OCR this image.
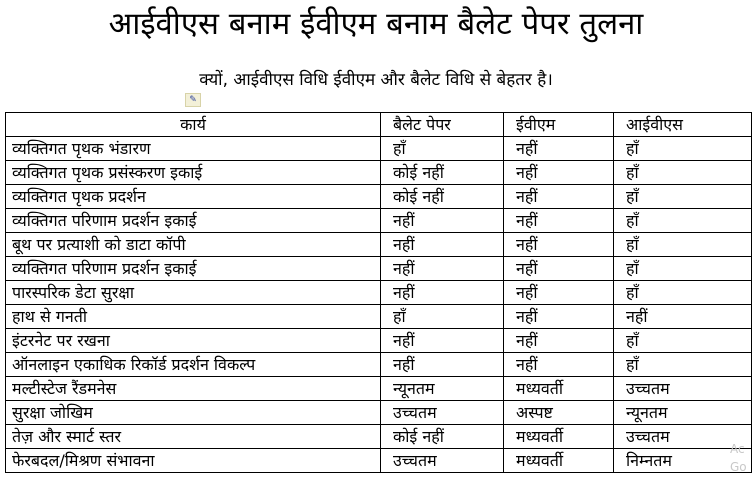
आईवीएस बनाम ईवीएम बनाम बैलेट पेपर तुलना
क्यों, आईवीएस विधि ईवीएम और बैलेट विधि से बेहतर है।
✎
कार्य	बैलेट पेपर	ईवीएम	आईवीएस
व्यक्तिगत पृथक भंडारण	हाँ	नहीं	हाँ
व्यक्तिगत पृथक प्रसंस्करण इकाई	कोई नहीं	नहीं	हाँ
व्यक्तिगत पृथक प्रदर्शन	कोई नहीं	नहीं	हाँ
व्यक्तिगत परिणाम प्रदर्शन इकाई	नहीं	नहीं	हाँ
बूथ पर प्रत्याशी को डाटा कॉपी	नहीं	नहीं	हाँ
व्यक्तिगत परिणाम प्रदर्शन इकाई	नहीं	नहीं	हाँ
पारस्परिक डेटा सुरक्षा	नहीं	नहीं	हाँ
हाथ से गनती	हाँ	नहीं	नहीं
इंटरनेट पर रखना	नहीं	नहीं	हाँ
ऑनलाइन एकाधिक रिकॉर्ड प्रदर्शन विकल्प	नहीं	नहीं	हाँ
मल्टीस्टेज रैंडमनेस	न्यूनतम	मध्यवर्ती	उच्चतम
सुरक्षा जोखिम	उच्चतम	अस्पष्ट	न्यूनतम
तेज़ और स्मार्ट स्तर	कोई नहीं	मध्यवर्ती	उच्चतम
फेरबदल/मिश्रण संभावना	उच्चतम	मध्यवर्ती	निम्नतम
Ac
Go
